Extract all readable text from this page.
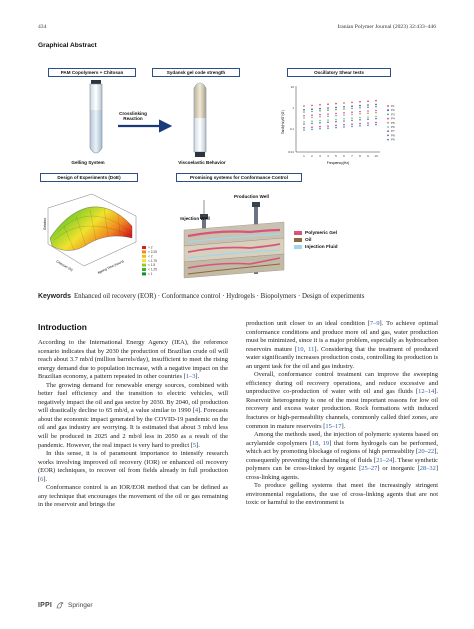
434	Iranian Polymer Journal (2023) 32:433–446
Graphical Abstract
PAM Copolymers + Chitosan	Sydansk gel code strength	Oscillatory Shear tests
Crosslinking Reaction
Gelling System	Viscoelastic Behavior
Tanδ(Hz)/G''(G')
10
1
0.1
0.01
1 2 3 4 5 6 7 8 9 10
Frequency(Hz)
P1
P2
P3
P4
P5
P6
P7
P8
P9
Design of Experiments (DoE)	Promising systems for Conformance Control
Gelation
Chitosan (%)	Ageing Time (hours)
> 2
< 2.25
< 2
< 1.75
< 1.5
< 1.25
< 1
Production Well
Injection Well
Polymeric Gel
Oil
Injection Fluid
Keywords Enhanced oil recovery (EOR) · Conformance control · Hydrogels · Biopolymers · Design of experiments
Introduction

According to the International Energy Agency (IEA), the reference scenario indicates that by 2030 the production of Brazilian crude oil will reach about 3.7 mb/d (million barrels/day), insufficient to meet the rising energy demand due to population increase, with a negative impact on the Brazilian economy, a pattern repeated in other countries [1–3].

The growing demand for renewable energy sources, combined with better fuel efficiency and the transition to electric vehicles, will negatively impact the oil and gas sector by 2030. By 2040, oil production will drastically decline to 65 mb/d, a value similar to 1990 [4]. Forecasts about the economic impact generated by the COVID-19 pandemic on the oil and gas industry are worrying. It is estimated that about 3 mb/d less will be produced in 2025 and 2 mb/d less in 2050 as a result of the pandemic. However, the real impact is very hard to predict [5].

In this sense, it is of paramount importance to intensify research works involving improved oil recovery (IOR) or enhanced oil recovery (EOR) techniques, to recover oil from fields already in full production [6].

Conformance control is an IOR/EOR method that can be defined as any technique that encourages the movement of the oil or gas remaining in the reservoir and brings the

production unit closer to an ideal condition [7–9]. To achieve optimal conformance conditions and produce more oil and gas, water production must be minimized, since it is a major problem, especially as hydrocarbon reservoirs mature [10, 11]. Considering that the treatment of produced water significantly increases production costs, controlling its production is an urgent task for the oil and gas industry.

Overall, conformance control treatment can improve the sweeping efficiency during oil recovery operations, and reduce excessive and unproductive co-production of water with oil and gas fluids [12–14]. Reservoir heterogeneity is one of the most important reasons for low oil recovery and excess water production. Rock formations with induced fractures or high-permeability channels, commonly called thief zones, are common in mature reservoirs [15–17].

Among the methods used, the injection of polymeric systems based on acrylamide copolymers [18, 19] that form hydrogels can be performed, which act by promoting blockage of regions of high permeability [20–22], consequently preventing the channeling of fluids [21–24]. These synthetic polymers can be cross-linked by organic [25–27] or inorganic [28–32] cross-linking agents.

To produce gelling systems that meet the increasingly stringent environmental regulations, the use of cross-linking agents that are not toxic or harmful to the environment is

IPPI Springer
